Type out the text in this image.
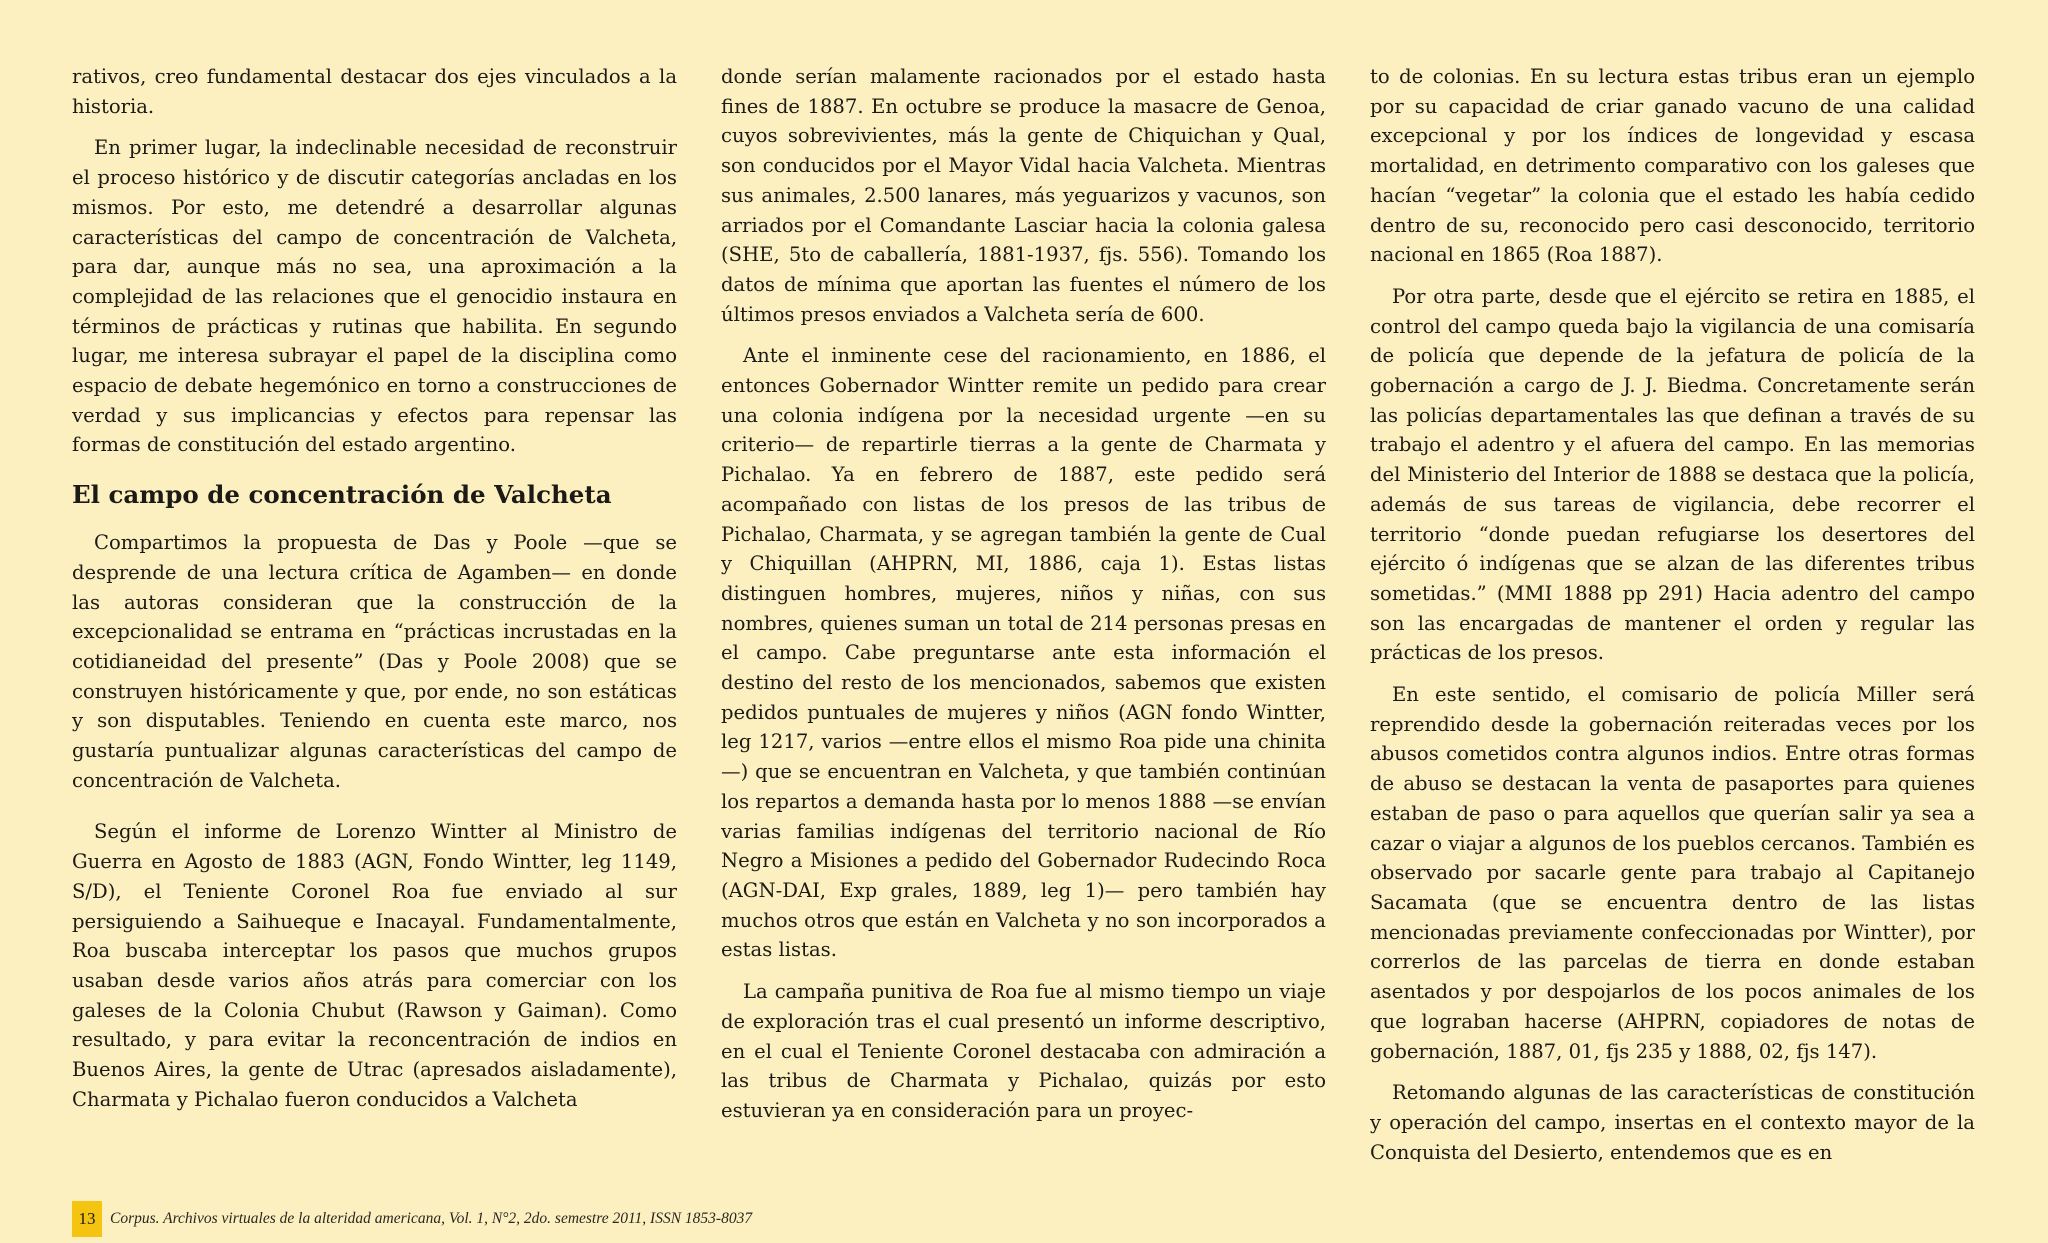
rativos, creo fundamental destacar dos ejes vinculados a la historia.

En primer lugar, la indeclinable necesidad de reconstruir el proceso histórico y de discutir categorías ancladas en los mismos. Por esto, me detendré a desarrollar algunas características del campo de concentración de Valcheta, para dar, aunque más no sea, una aproximación a la complejidad de las relaciones que el genocidio instaura en términos de prácticas y rutinas que habilita. En segundo lugar, me interesa subrayar el papel de la disciplina como espacio de debate hegemónico en torno a construcciones de verdad y sus implicancias y efectos para repensar las formas de constitución del estado argentino.

El campo de concentración de Valcheta

Compartimos la propuesta de Das y Poole —que se desprende de una lectura crítica de Agamben— en donde las autoras consideran que la construcción de la excepcionalidad se entrama en “prácticas incrustadas en la cotidianeidad del presente” (Das y Poole 2008) que se construyen históricamente y que, por ende, no son estáticas y son disputables. Teniendo en cuenta este marco, nos gustaría puntualizar algunas características del campo de concentración de Valcheta.

Según el informe de Lorenzo Wintter al Ministro de Guerra en Agosto de 1883 (AGN, Fondo Wintter, leg 1149, S/D), el Teniente Coronel Roa fue enviado al sur persiguiendo a Saihueque e Inacayal. Fundamentalmente, Roa buscaba interceptar los pasos que muchos grupos usaban desde varios años atrás para comerciar con los galeses de la Colonia Chubut (Rawson y Gaiman). Como resultado, y para evitar la reconcentración de indios en Buenos Aires, la gente de Utrac (apresados aisladamente), Charmata y Pichalao fueron conducidos a Valcheta

donde serían malamente racionados por el estado hasta fines de 1887. En octubre se produce la masacre de Genoa, cuyos sobrevivientes, más la gente de Chiquichan y Qual, son conducidos por el Mayor Vidal hacia Valcheta. Mientras sus animales, 2.500 lanares, más yeguarizos y vacunos, son arriados por el Comandante Lasciar hacia la colonia galesa (SHE, 5to de caballería, 1881-1937, fjs. 556). Tomando los datos de mínima que aportan las fuentes el número de los últimos presos enviados a Valcheta sería de 600.

Ante el inminente cese del racionamiento, en 1886, el entonces Gobernador Wintter remite un pedido para crear una colonia indígena por la necesidad urgente —en su criterio— de repartirle tierras a la gente de Charmata y Pichalao. Ya en febrero de 1887, este pedido será acompañado con listas de los presos de las tribus de Pichalao, Charmata, y se agregan también la gente de Cual y Chiquillan (AHPRN, MI, 1886, caja 1). Estas listas distinguen hombres, mujeres, niños y niñas, con sus nombres, quienes suman un total de 214 personas presas en el campo. Cabe preguntarse ante esta información el destino del resto de los mencionados, sabemos que existen pedidos puntuales de mujeres y niños (AGN fondo Wintter, leg 1217, varios —entre ellos el mismo Roa pide una chinita—) que se encuentran en Valcheta, y que también continúan los repartos a demanda hasta por lo menos 1888 —se envían varias familias indígenas del territorio nacional de Río Negro a Misiones a pedido del Gobernador Rudecindo Roca (AGN-DAI, Exp grales, 1889, leg 1)— pero también hay muchos otros que están en Valcheta y no son incorporados a estas listas.

La campaña punitiva de Roa fue al mismo tiempo un viaje de exploración tras el cual presentó un informe descriptivo, en el cual el Teniente Coronel destacaba con admiración a las tribus de Charmata y Pichalao, quizás por esto estuvieran ya en consideración para un proyec-

to de colonias. En su lectura estas tribus eran un ejemplo por su capacidad de criar ganado vacuno de una calidad excepcional y por los índices de longevidad y escasa mortalidad, en detrimento comparativo con los galeses que hacían “vegetar” la colonia que el estado les había cedido dentro de su, reconocido pero casi desconocido, territorio nacional en 1865 (Roa 1887).

Por otra parte, desde que el ejército se retira en 1885, el control del campo queda bajo la vigilancia de una comisaría de policía que depende de la jefatura de policía de la gobernación a cargo de J. J. Biedma. Concretamente serán las policías departamentales las que definan a través de su trabajo el adentro y el afuera del campo. En las memorias del Ministerio del Interior de 1888 se destaca que la policía, además de sus tareas de vigilancia, debe recorrer el territorio “donde puedan refugiarse los desertores del ejército ó indígenas que se alzan de las diferentes tribus sometidas.” (MMI 1888 pp 291) Hacia adentro del campo son las encargadas de mantener el orden y regular las prácticas de los presos.

En este sentido, el comisario de policía Miller será reprendido desde la gobernación reiteradas veces por los abusos cometidos contra algunos indios. Entre otras formas de abuso se destacan la venta de pasaportes para quienes estaban de paso o para aquellos que querían salir ya sea a cazar o viajar a algunos de los pueblos cercanos. También es observado por sacarle gente para trabajo al Capitanejo Sacamata (que se encuentra dentro de las listas mencionadas previamente confeccionadas por Wintter), por correrlos de las parcelas de tierra en donde estaban asentados y por despojarlos de los pocos animales de los que lograban hacerse (AHPRN, copiadores de notas de gobernación, 1887, 01, fjs 235 y 1888, 02, fjs 147).

Retomando algunas de las características de constitución y operación del campo, insertas en el contexto mayor de la Conquista del Desierto, entendemos que es en

13 Corpus. Archivos virtuales de la alteridad americana, Vol. 1, N°2, 2do. semestre 2011, ISSN 1853-8037
